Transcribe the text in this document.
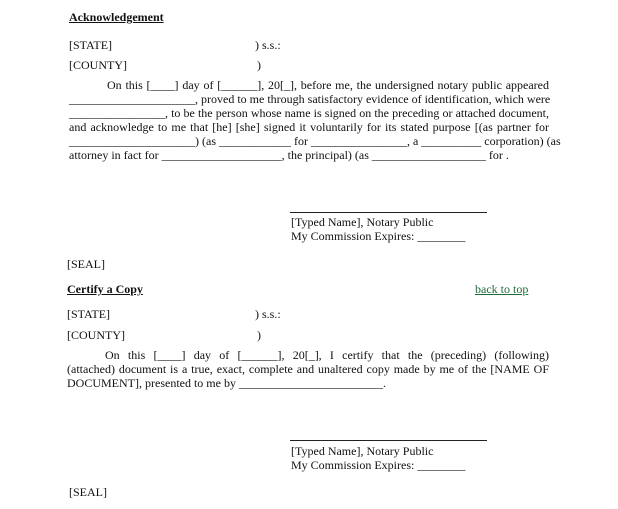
Acknowledgement
[STATE]	) s.s.:
[COUNTY]	)
On this [____] day of [______], 20[_], before me, the undersigned notary public appeared
_____________________, proved to me through satisfactory evidence of identification, which were
________________, to be the person whose name is signed on the preceding or attached document,
and acknowledge to me that [he] [she] signed it voluntarily for its stated purpose [(as partner for
_____________________) (as ____________ for ________________, a __________ corporation) (as
attorney in fact for ____________________, the principal) (as ___________________ for .
[Typed Name], Notary Public
My Commission Expires: ________
[SEAL]
Certify a Copy	back to top
[STATE]	) s.s.:
[COUNTY]	)
On this [____] day of [______], 20[_], I certify that the (preceding) (following)
(attached) document is a true, exact, complete and unaltered copy made by me of the [NAME OF
DOCUMENT], presented to me by ________________________.
[Typed Name], Notary Public
My Commission Expires: ________
[SEAL]
